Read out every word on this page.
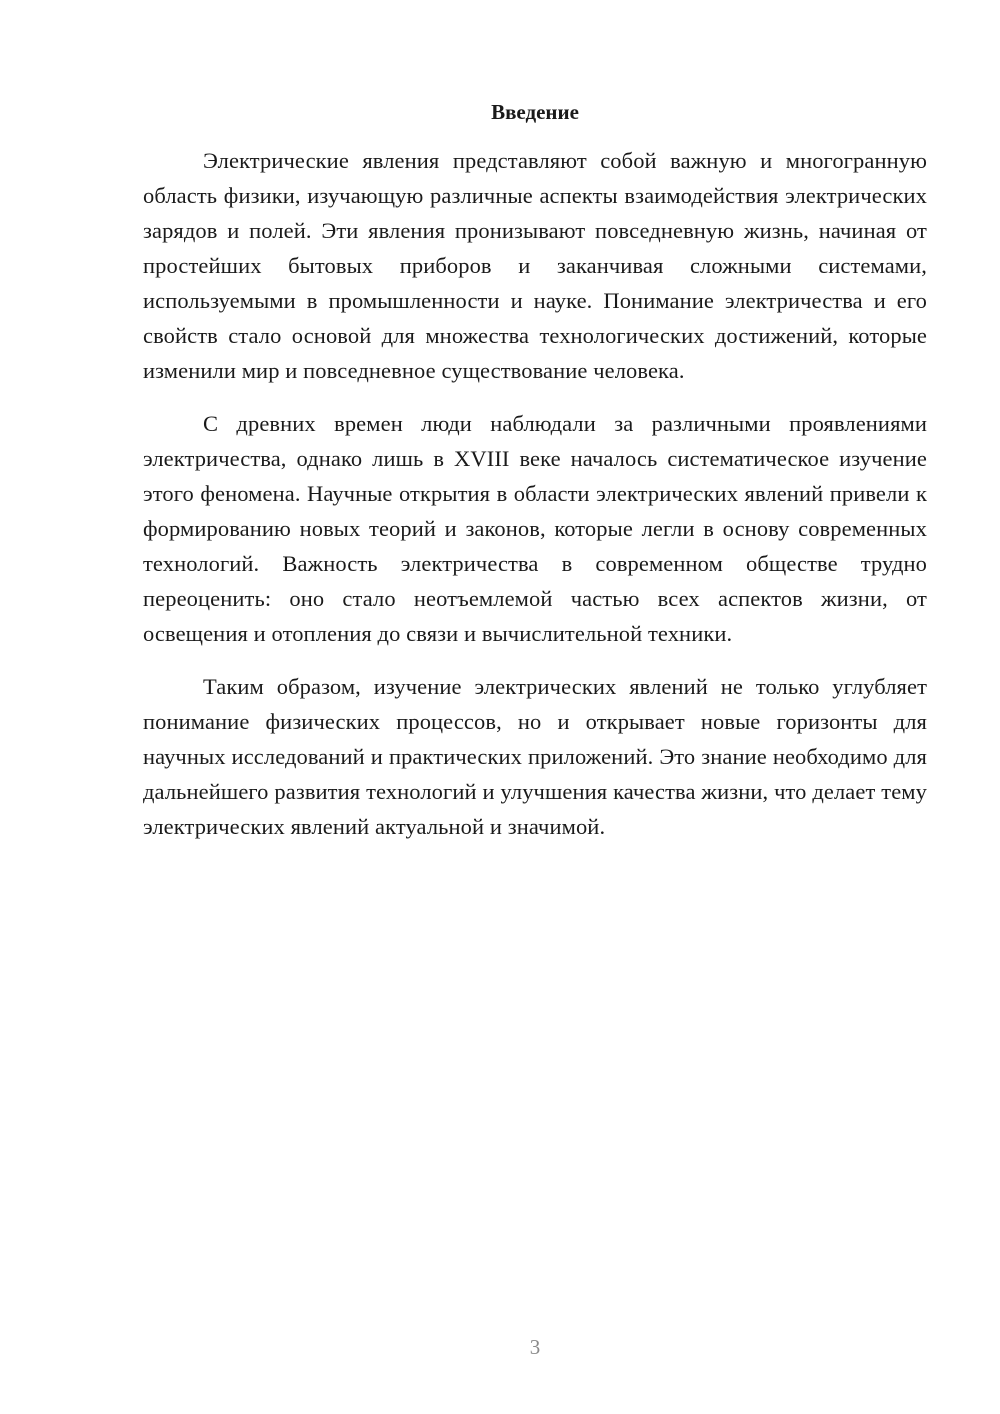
Введение

Электрические явления представляют собой важную и многогранную область физики, изучающую различные аспекты взаимодействия электрических зарядов и полей. Эти явления пронизывают повседневную жизнь, начиная от простейших бытовых приборов и заканчивая сложными системами, используемыми в промышленности и науке. Понимание электричества и его свойств стало основой для множества технологических достижений, которые изменили мир и повседневное существование человека.

С древних времен люди наблюдали за различными проявлениями электричества, однако лишь в XVIII веке началось систематическое изучение этого феномена. Научные открытия в области электрических явлений привели к формированию новых теорий и законов, которые легли в основу современных технологий. Важность электричества в современном обществе трудно переоценить: оно стало неотъемлемой частью всех аспектов жизни, от освещения и отопления до связи и вычислительной техники.

Таким образом, изучение электрических явлений не только углубляет понимание физических процессов, но и открывает новые горизонты для научных исследований и практических приложений. Это знание необходимо для дальнейшего развития технологий и улучшения качества жизни, что делает тему электрических явлений актуальной и значимой.

3
